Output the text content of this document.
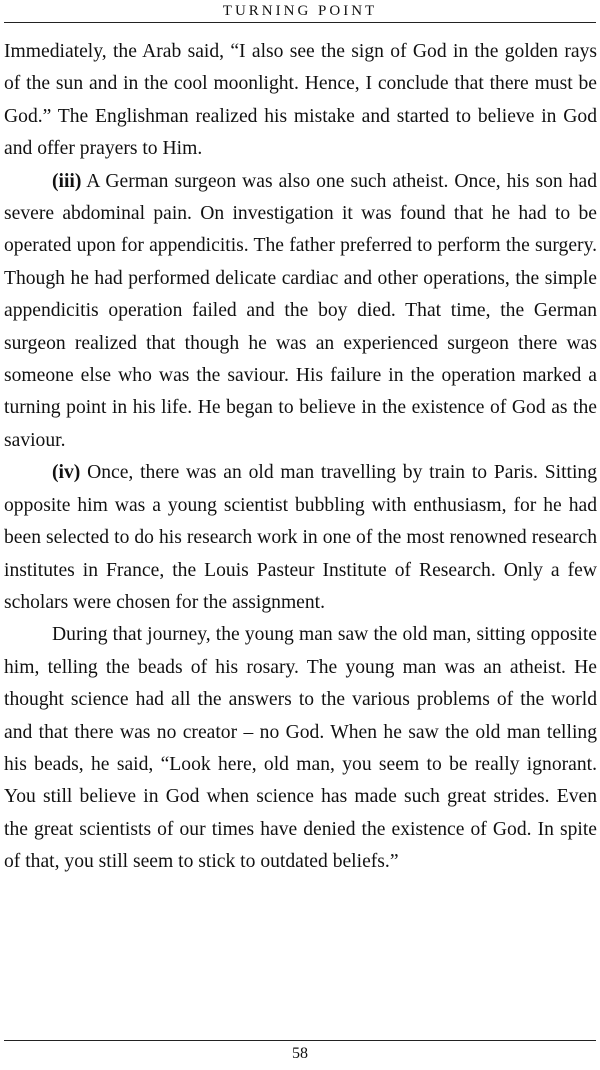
TURNING POINT

Immediately, the Arab said, “I also see the sign of God in the golden rays of the sun and in the cool moonlight. Hence, I conclude that there must be God.” The Englishman realized his mistake and started to believe in God and offer prayers to Him.

(iii) A German surgeon was also one such atheist. Once, his son had severe abdominal pain. On investigation it was found that he had to be operated upon for appendicitis. The father preferred to perform the surgery. Though he had performed delicate cardiac and other operations, the simple appendicitis operation failed and the boy died. That time, the German surgeon realized that though he was an experienced surgeon there was someone else who was the saviour. His failure in the operation marked a turning point in his life. He began to believe in the existence of God as the saviour.

(iv) Once, there was an old man travelling by train to Paris. Sitting opposite him was a young scientist bubbling with enthusiasm, for he had been selected to do his research work in one of the most renowned research institutes in France, the Louis Pasteur Institute of Research. Only a few scholars were chosen for the assignment.

During that journey, the young man saw the old man, sitting opposite him, telling the beads of his rosary. The young man was an atheist. He thought science had all the answers to the various problems of the world and that there was no creator – no God. When he saw the old man telling his beads, he said, “Look here, old man, you seem to be really ignorant. You still believe in God when science has made such great strides. Even the great scientists of our times have denied the existence of God. In spite of that, you still seem to stick to outdated beliefs.”

58
